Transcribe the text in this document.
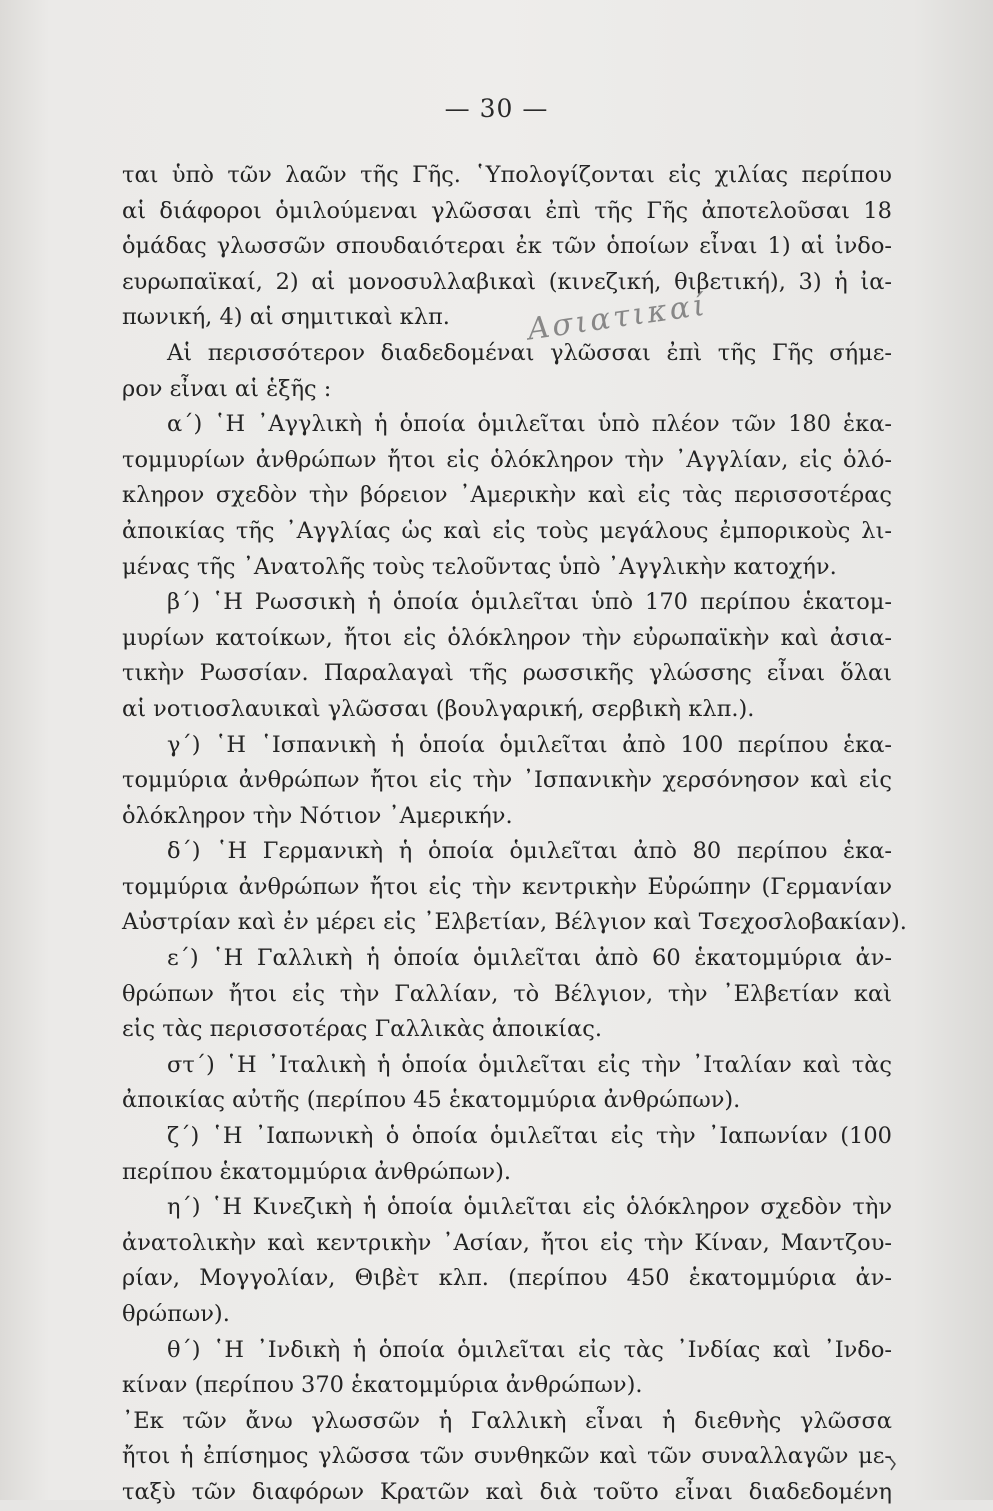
— 30 —
ται ὑπὸ τῶν λαῶν τῆς Γῆς. ῾Υπολογίζονται εἰς χιλίας περίπου
αἱ διάφοροι ὁμιλούμεναι γλῶσσαι ἐπὶ τῆς Γῆς ἀποτελοῦσαι 18
ὁμάδας γλωσσῶν σπουδαιότεραι ἐκ τῶν ὁποίων εἶναι 1) αἱ ἰνδο-
ευρωπαϊκαί, 2) αἱ μονοσυλλαβικαὶ (κινεζική, θιβετική), 3) ἡ ἰα-
πωνική, 4) αἱ σημιτικαὶ κλπ.
Αἱ περισσότερον διαδεδομέναι γλῶσσαι ἐπὶ τῆς Γῆς σήμε-
ρον εἶναι αἱ ἑξῆς :
α΄) ῾Η ᾿Αγγλικὴ ἡ ὁποία ὁμιλεῖται ὑπὸ πλέον τῶν 180 ἑκα-
τομμυρίων ἀνθρώπων ἤτοι εἰς ὁλόκληρον τὴν ᾿Αγγλίαν, εἰς ὁλό-
κληρον σχεδὸν τὴν βόρειον ᾿Αμερικὴν καὶ εἰς τὰς περισσοτέρας
ἀποικίας τῆς ᾿Αγγλίας ὡς καὶ εἰς τοὺς μεγάλους ἐμπορικοὺς λι-
μένας τῆς ᾿Ανατολῆς τοὺς τελοῦντας ὑπὸ ᾿Αγγλικὴν κατοχήν.
β΄) ῾Η Ρωσσικὴ ἡ ὁποία ὁμιλεῖται ὑπὸ 170 περίπου ἑκατομ-
μυρίων κατοίκων, ἤτοι εἰς ὁλόκληρον τὴν εὐρωπαϊκὴν καὶ ἀσια-
τικὴν Ρωσσίαν. Παραλαγαὶ τῆς ρωσσικῆς γλώσσης εἶναι ὅλαι
αἱ νοτιοσλαυικαὶ γλῶσσαι (βουλγαρική, σερβικὴ κλπ.).
γ΄) ῾Η ῾Ισπανικὴ ἡ ὁποία ὁμιλεῖται ἀπὸ 100 περίπου ἑκα-
τομμύρια ἀνθρώπων ἤτοι εἰς τὴν ᾿Ισπανικὴν χερσόνησον καὶ εἰς
ὁλόκληρον τὴν Νότιον ᾿Αμερικήν.
δ΄) ῾Η Γερμανικὴ ἡ ὁποία ὁμιλεῖται ἀπὸ 80 περίπου ἑκα-
τομμύρια ἀνθρώπων ἤτοι εἰς τὴν κεντρικὴν Εὐρώπην (Γερμανίαν
Αὐστρίαν καὶ ἐν μέρει εἰς ᾿Ελβετίαν, Βέλγιον καὶ Τσεχοσλοβακίαν).
ε΄) ῾Η Γαλλικὴ ἡ ὁποία ὁμιλεῖται ἀπὸ 60 ἑκατομμύρια ἀν-
θρώπων ἤτοι εἰς τὴν Γαλλίαν, τὸ Βέλγιον, τὴν ᾿Ελβετίαν καὶ
εἰς τὰς περισσοτέρας Γαλλικὰς ἀποικίας.
στ΄) ῾Η ᾿Ιταλικὴ ἡ ὁποία ὁμιλεῖται εἰς τὴν ᾿Ιταλίαν καὶ τὰς
ἀποικίας αὐτῆς (περίπου 45 ἑκατομμύρια ἀνθρώπων).
ζ΄) ῾Η ᾿Ιαπωνικὴ ὁ ὁποία ὁμιλεῖται εἰς τὴν ᾿Ιαπωνίαν (100
περίπου ἑκατομμύρια ἀνθρώπων).
η΄) ῾Η Κινεζικὴ ἡ ὁποία ὁμιλεῖται εἰς ὁλόκληρον σχεδὸν τὴν
ἀνατολικὴν καὶ κεντρικὴν ᾿Ασίαν, ἤτοι εἰς τὴν Κίναν, Μαντζου-
ρίαν, Μογγολίαν, Θιβὲτ κλπ. (περίπου 450 ἑκατομμύρια ἀν-
θρώπων).
θ΄) ῾Η ᾿Ινδικὴ ἡ ὁποία ὁμιλεῖται εἰς τὰς ᾿Ινδίας καὶ ᾿Ινδο-
κίναν (περίπου 370 ἑκατομμύρια ἀνθρώπων).
᾿Εκ τῶν ἄνω γλωσσῶν ἡ Γαλλικὴ εἶναι ἡ διεθνὴς γλῶσσα
ἤτοι ἡ ἐπίσημος γλῶσσα τῶν συνθηκῶν καὶ τῶν συναλλαγῶν με-
ταξὺ τῶν διαφόρων Κρατῶν καὶ διὰ τοῦτο εἶναι διαδεδομένη
Ασιατικαί
